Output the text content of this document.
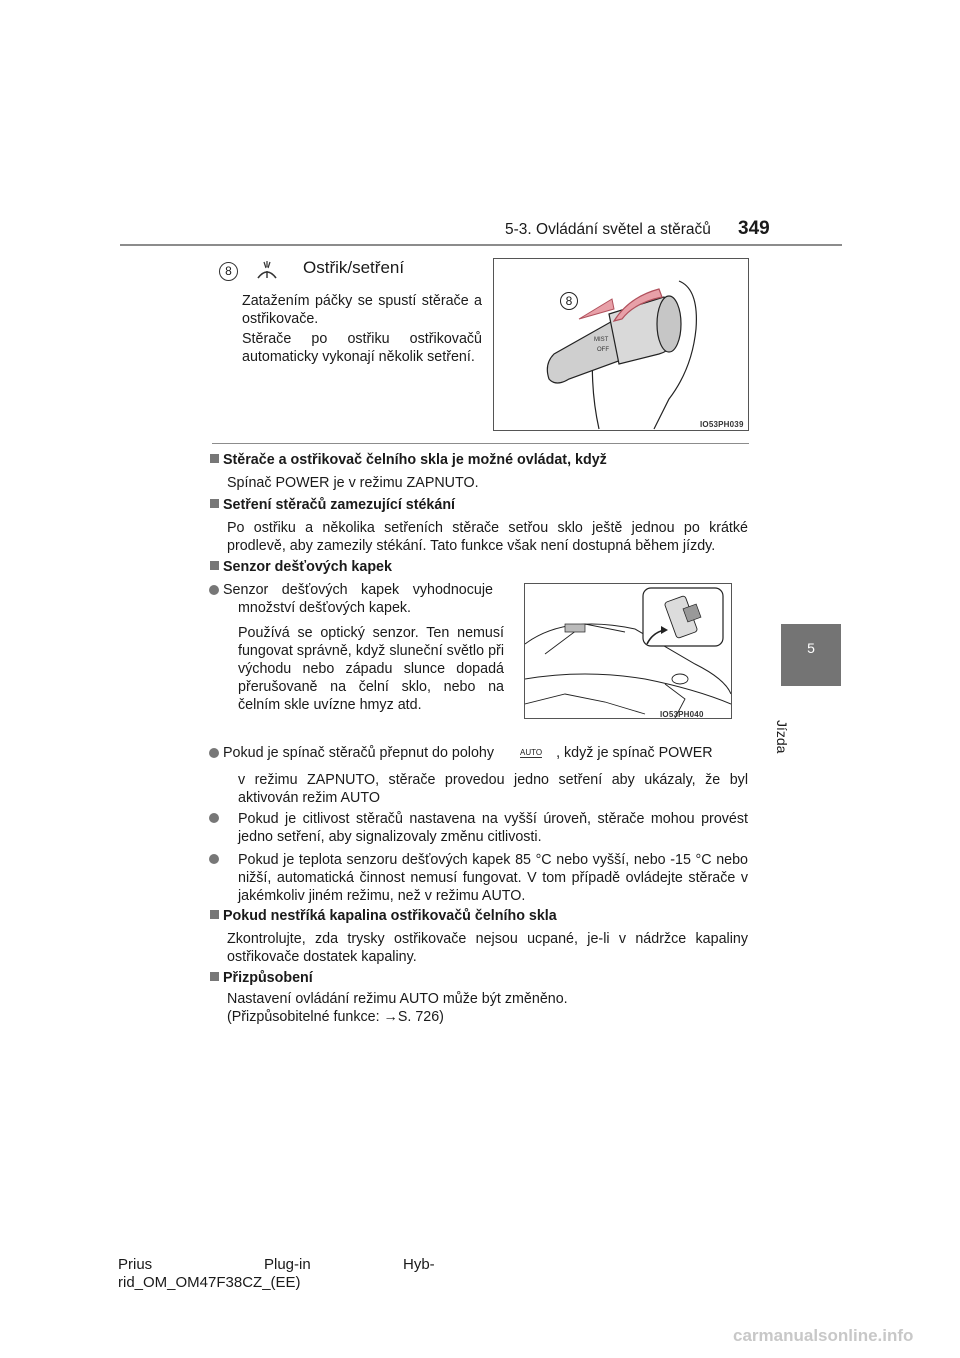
5-3. Ovládání světel a stěračů 349
5
Jízda
8	Ostřik/setření
Zatažením páčky se spustí stěrače a ostřikovače.
Stěrače po ostřiku ostřikovačů automaticky vykonají několik setření.
MIST
OFF
8
IO53PH039
Stěrače a ostřikovač čelního skla je možné ovládat, když
Spínač POWER je v režimu ZAPNUTO.
Setření stěračů zamezující stékání
Po ostřiku a několika setřeních stěrače setřou sklo ještě jednou po krátké prodlevě, aby zamezily stékání. Tato funkce však není dostupná během jízdy.
Senzor dešťových kapek
Senzor dešťových kapek vyhodnocuje
množství dešťových kapek.
Používá se optický senzor. Ten nemusí fungovat správně, když sluneční světlo při východu nebo západu slunce dopadá přerušovaně na čelní sklo, nebo na čelním skle uvízne hmyz atd.
IO53PH040
Pokud je spínač stěračů přepnut do polohy	AUTO , když je spínač POWER
v režimu ZAPNUTO, stěrače provedou jedno setření aby ukázaly, že byl aktivován režim AUTO
Pokud je citlivost stěračů nastavena na vyšší úroveň, stěrače mohou provést jedno setření, aby signalizovaly změnu citlivosti.
Pokud je teplota senzoru dešťových kapek 85 °C nebo vyšší, nebo -15 °C nebo nižší, automatická činnost nemusí fungovat. V tom případě ovládejte stěrače v jakémkoliv jiném režimu, než v režimu AUTO.
Pokud nestříká kapalina ostřikovačů čelního skla
Zkontrolujte, zda trysky ostřikovače nejsou ucpané, je-li v nádržce kapaliny ostřikovače dostatek kapaliny.
Přizpůsobení
Nastavení ovládání režimu AUTO může být změněno.
(Přizpůsobitelné funkce: →S. 726)
Prius	Plug-in	Hyb-
rid_OM_OM47F38CZ_(EE)
carmanualsonline.info
